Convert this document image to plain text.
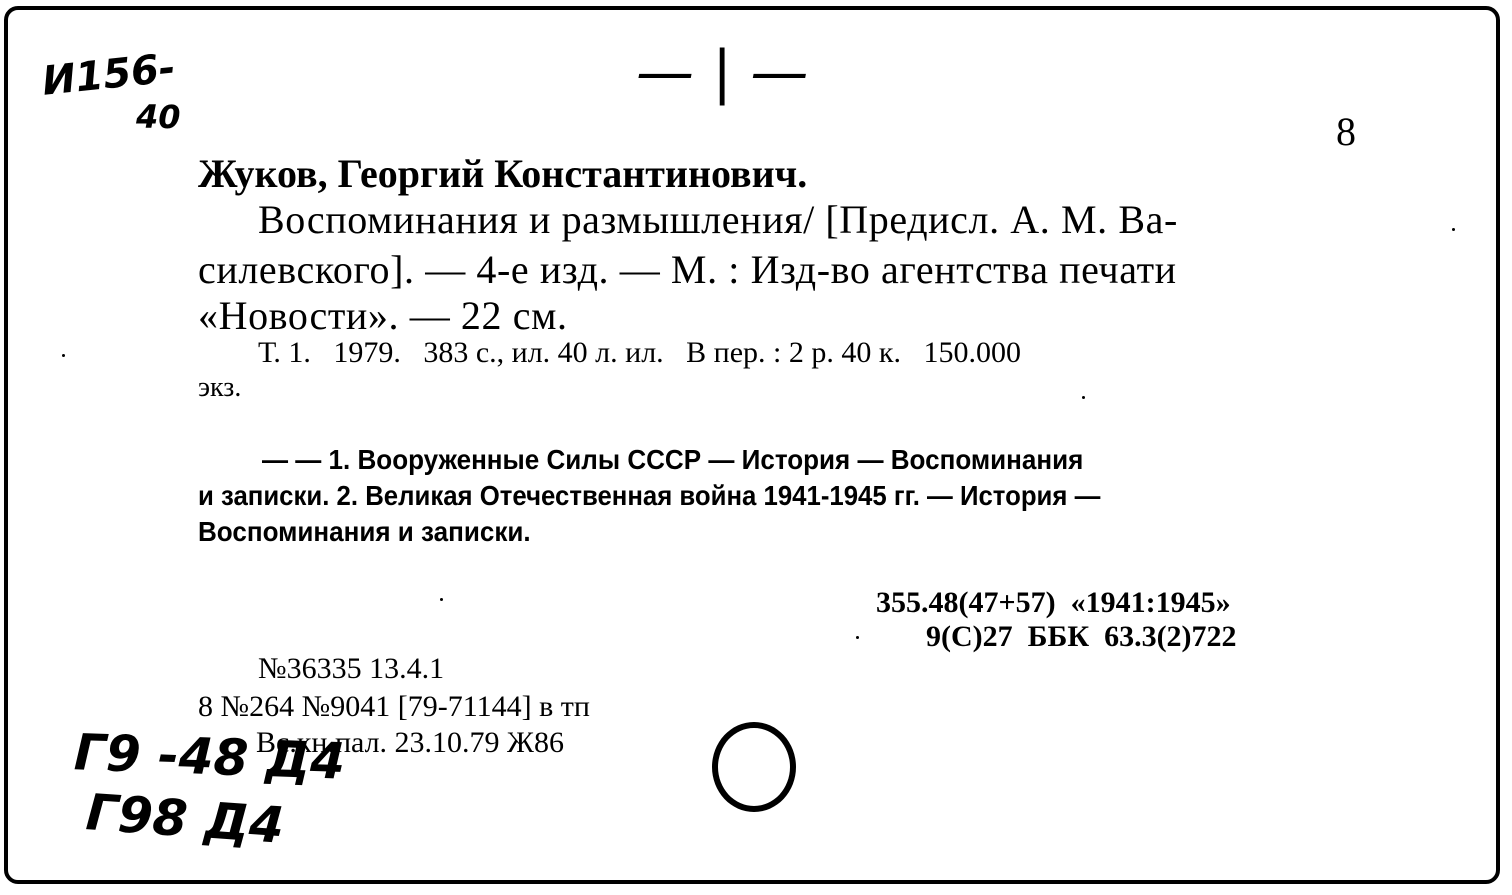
И156-
40
Г9 -48 Д4
Г98 Д4
— | —
8
Жуков, Георгий Константинович.
Воспоминания и размышления/ [Предисл. А. М. Ва-
силевского]. — 4-е изд. — М. : Изд-во агентства печати
«Новости». — 22 см.
Т. 1.   1979.   383 с., ил. 40 л. ил.   В пер. : 2 р. 40 к.   150.000
экз.
— — 1. Вооруженные Силы СССР — История — Воспоминания
и записки. 2. Великая Отечественная война 1941-1945 гг. — История —
Воспоминания и записки.
355.48(47+57)  «1941:1945»
9(С)27  ББК  63.3(2)722
№36335 13.4.1
8 №264 №9041 [79-71144] в тп
Вс.кн.пал. 23.10.79 Ж86
